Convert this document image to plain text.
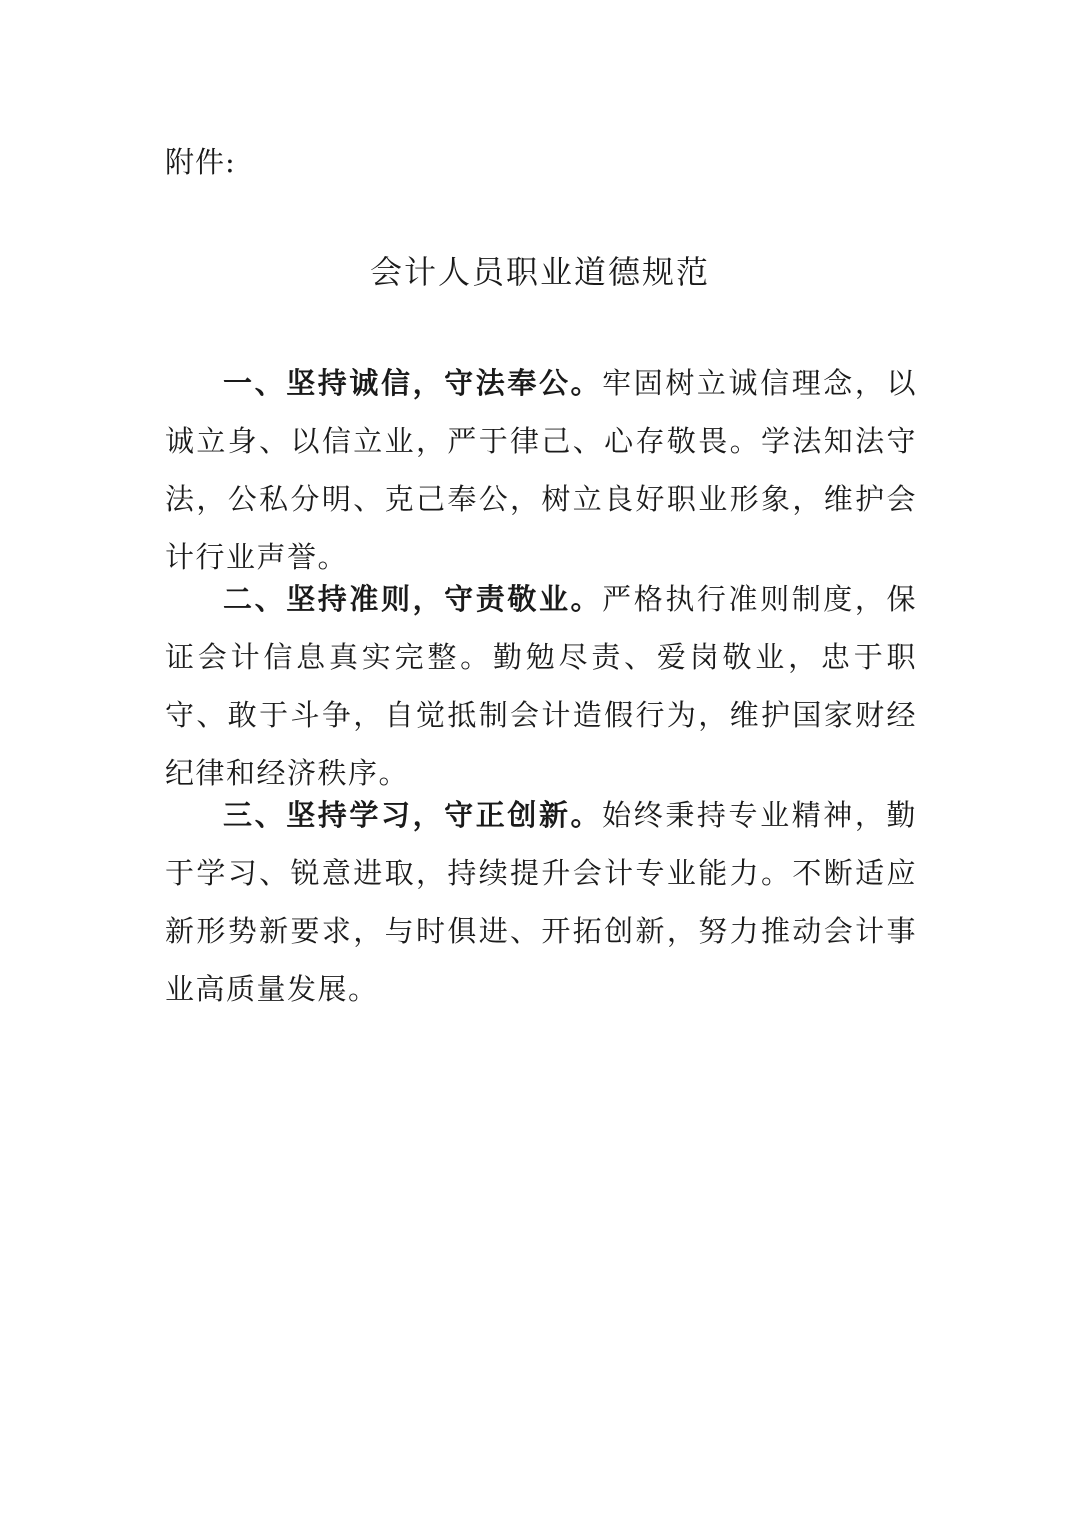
附件:
会计人员职业道德规范

一、坚持诚信，守法奉公。牢固树立诚信理念，以诚立身、以信立业，严于律己、心存敬畏。学法知法守法，公私分明、克己奉公，树立良好职业形象，维护会计行业声誉。

二、坚持准则，守责敬业。严格执行准则制度，保证会计信息真实完整。勤勉尽责、爱岗敬业，忠于职守、敢于斗争，自觉抵制会计造假行为，维护国家财经纪律和经济秩序。

三、坚持学习，守正创新。始终秉持专业精神，勤于学习、锐意进取，持续提升会计专业能力。不断适应新形势新要求，与时俱进、开拓创新，努力推动会计事业高质量发展。
